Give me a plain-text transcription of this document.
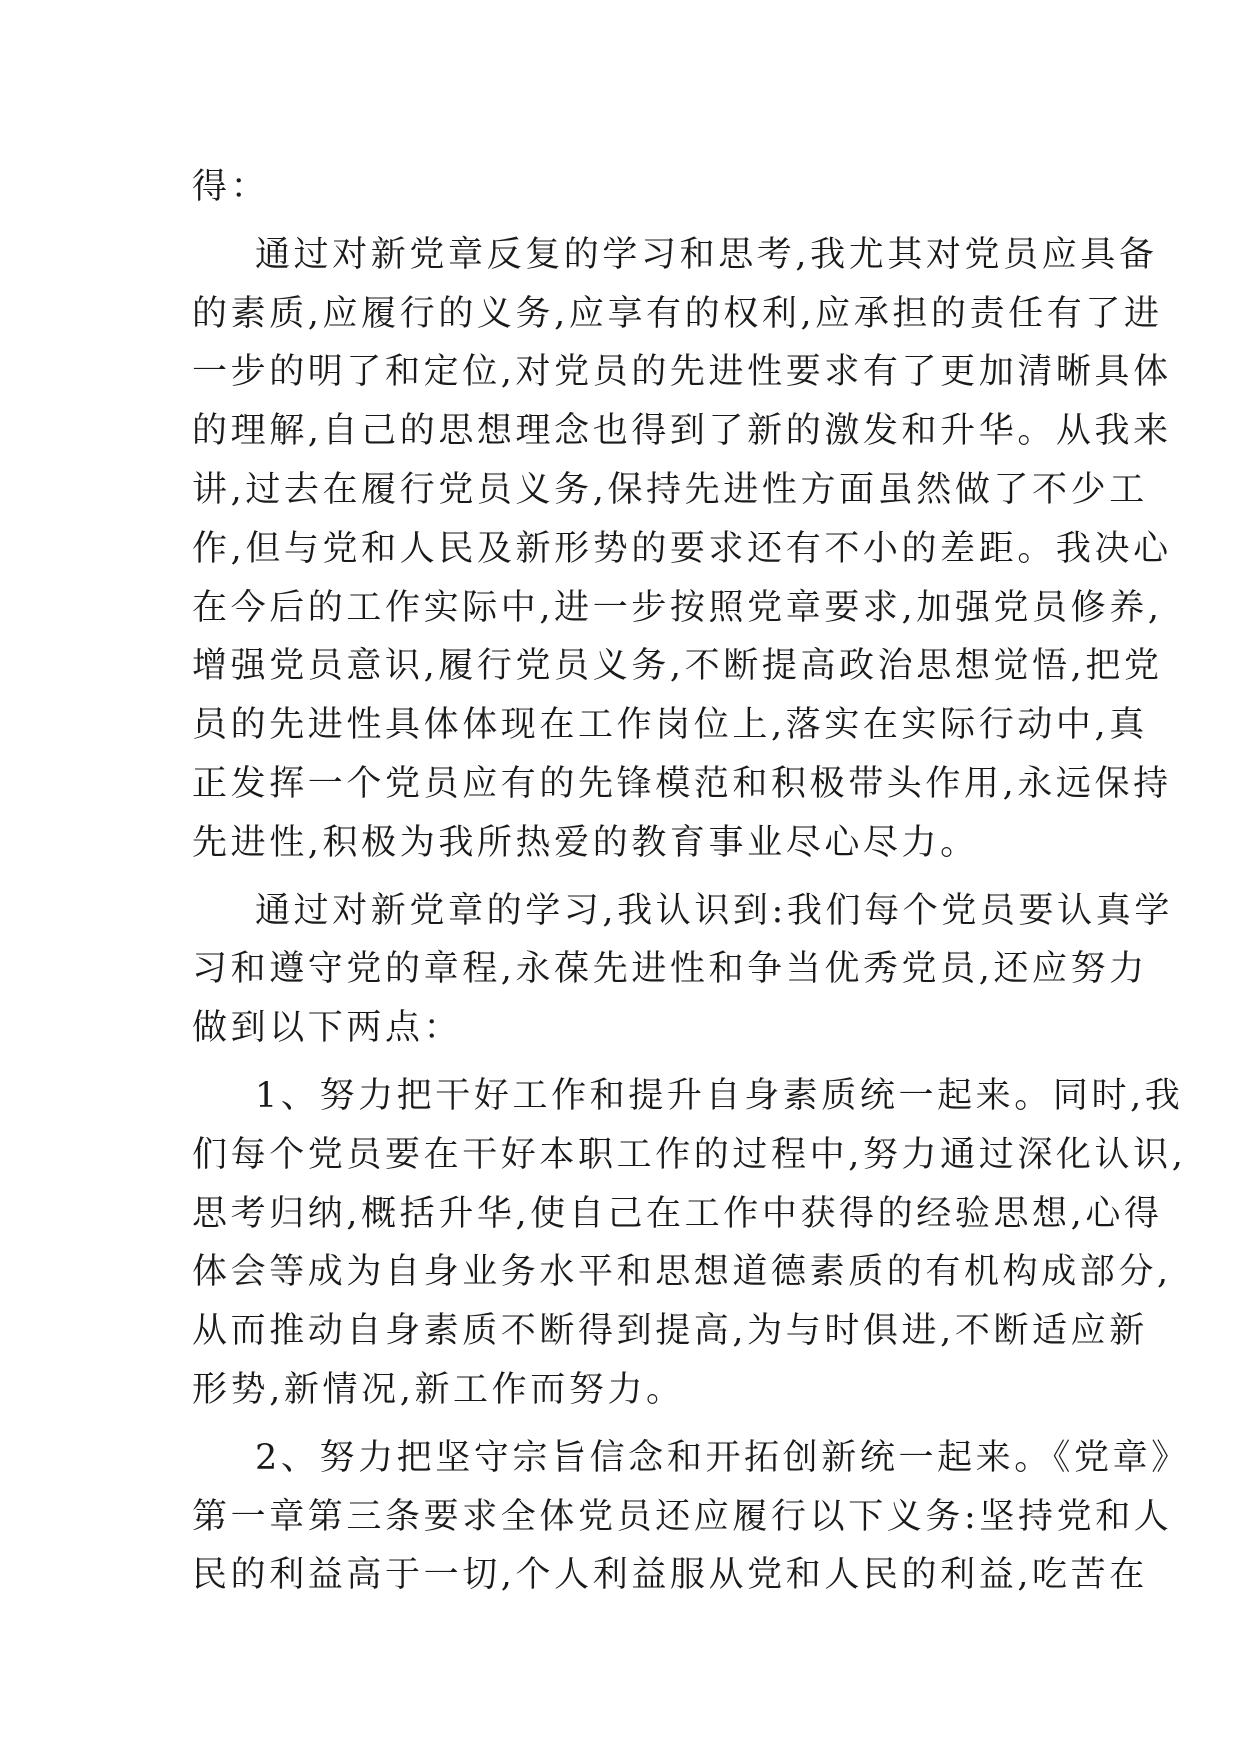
得：
通过对新党章反复的学习和思考,我尤其对党员应具备
的素质,应履行的义务,应享有的权利,应承担的责任有了进
一步的明了和定位,对党员的先进性要求有了更加清晰具体
的理解,自己的思想理念也得到了新的激发和升华。从我来
讲,过去在履行党员义务,保持先进性方面虽然做了不少工
作,但与党和人民及新形势的要求还有不小的差距。我决心
在今后的工作实际中,进一步按照党章要求,加强党员修养,
增强党员意识,履行党员义务,不断提高政治思想觉悟,把党
员的先进性具体体现在工作岗位上,落实在实际行动中,真
正发挥一个党员应有的先锋模范和积极带头作用,永远保持
先进性,积极为我所热爱的教育事业尽心尽力。
通过对新党章的学习,我认识到:我们每个党员要认真学
习和遵守党的章程,永葆先进性和争当优秀党员,还应努力
做到以下两点：
1、努力把干好工作和提升自身素质统一起来。同时,我
们每个党员要在干好本职工作的过程中,努力通过深化认识,
思考归纳,概括升华,使自己在工作中获得的经验思想,心得
体会等成为自身业务水平和思想道德素质的有机构成部分,
从而推动自身素质不断得到提高,为与时俱进,不断适应新
形势,新情况,新工作而努力。
2、努力把坚守宗旨信念和开拓创新统一起来。《党章》
第一章第三条要求全体党员还应履行以下义务:坚持党和人
民的利益高于一切,个人利益服从党和人民的利益,吃苦在
